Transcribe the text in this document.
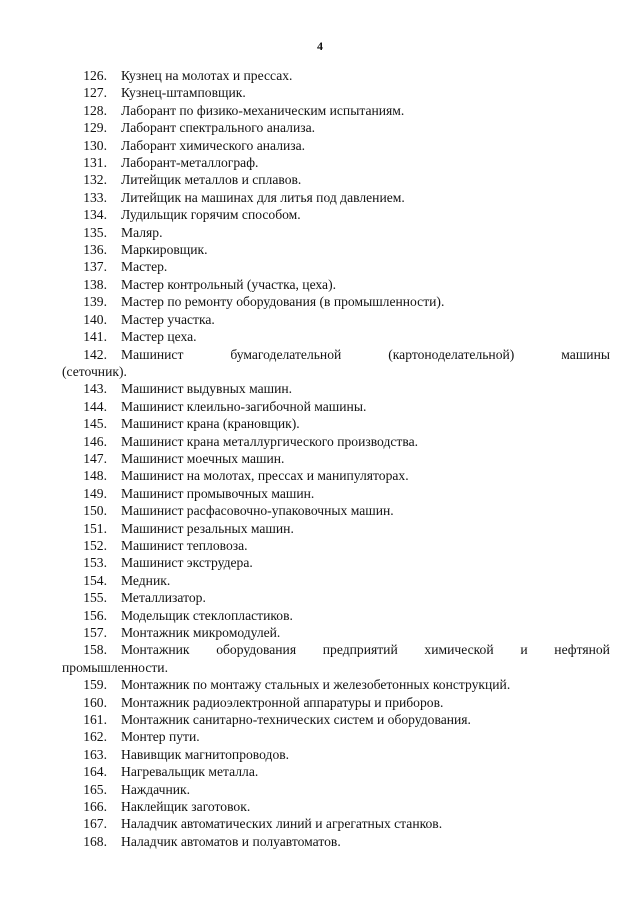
4
126. Кузнец на молотах и прессах.
127. Кузнец-штамповщик.
128. Лаборант по физико-механическим испытаниям.
129. Лаборант спектрального анализа.
130. Лаборант химического анализа.
131. Лаборант-металлограф.
132. Литейщик металлов и сплавов.
133. Литейщик на машинах для литья под давлением.
134. Лудильщик горячим способом.
135. Маляр.
136. Маркировщик.
137. Мастер.
138. Мастер контрольный (участка, цеха).
139. Мастер по ремонту оборудования (в промышленности).
140. Мастер участка.
141. Мастер цеха.
142.	Машинист	бумагоделательной	(картоноделательной)	машины
(сеточник).
143. Машинист выдувных машин.
144. Машинист клеильно-загибочной машины.
145. Машинист крана (крановщик).
146. Машинист крана металлургического производства.
147. Машинист моечных машин.
148. Машинист на молотах, прессах и манипуляторах.
149. Машинист промывочных машин.
150. Машинист расфасовочно-упаковочных машин.
151. Машинист резальных машин.
152. Машинист тепловоза.
153. Машинист экструдера.
154. Медник.
155. Металлизатор.
156. Модельщик стеклопластиков.
157. Монтажник микромодулей.
158.	Монтажник оборудования предприятий химической и нефтяной
промышленности.
159. Монтажник по монтажу стальных и железобетонных конструкций.
160. Монтажник радиоэлектронной аппаратуры и приборов.
161. Монтажник санитарно-технических систем и оборудования.
162. Монтер пути.
163. Навивщик магнитопроводов.
164. Нагревальщик металла.
165. Наждачник.
166. Наклейщик заготовок.
167. Наладчик автоматических линий и агрегатных станков.
168. Наладчик автоматов и полуавтоматов.
